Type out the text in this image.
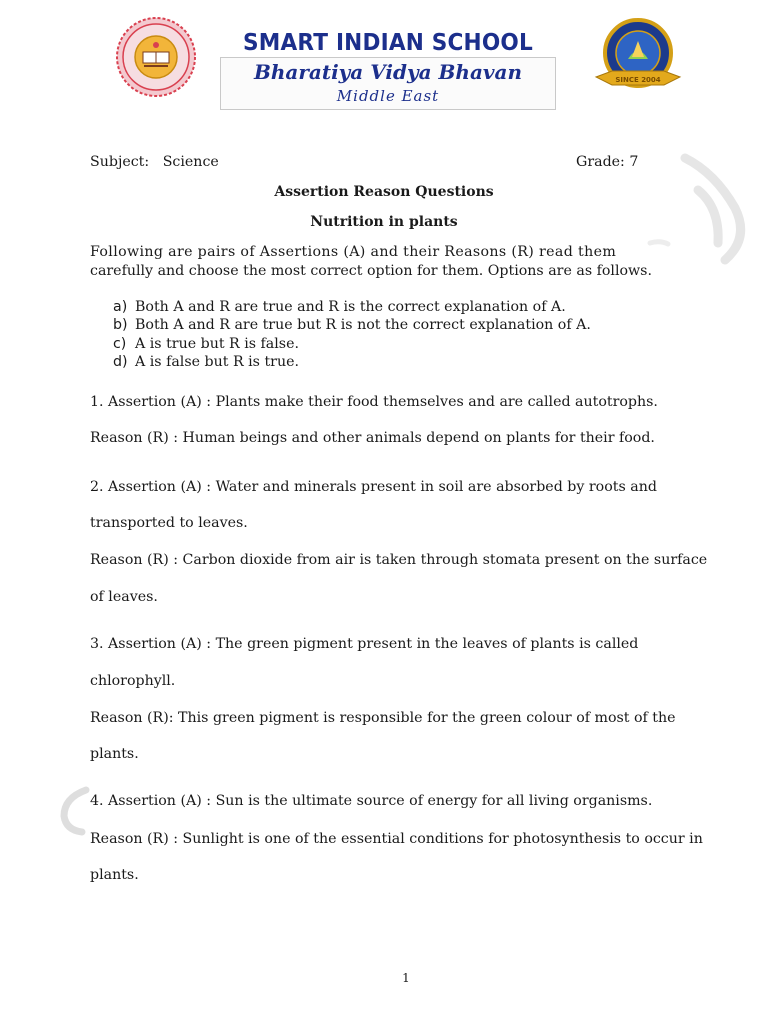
SMART INDIAN SCHOOL
Bharatiya Vidya Bhavan
Middle East
SINCE 2004
Subject: Science	Grade: 7
Assertion Reason Questions
Nutrition in plants
Following are pairs of Assertions (A) and their Reasons (R) read them
carefully and choose the most correct option for them. Options are as follows.
a) Both A and R are true and R is the correct explanation of A.
b) Both A and R are true but R is not the correct explanation of A.
c) A is true but R is false.
d) A is false but R is true.
1. Assertion (A) : Plants make their food themselves and are called autotrophs.
Reason (R) : Human beings and other animals depend on plants for their food.
2. Assertion (A) : Water and minerals present in soil are absorbed by roots and
transported to leaves.
Reason (R) : Carbon dioxide from air is taken through stomata present on the surface
of leaves.
3. Assertion (A) : The green pigment present in the leaves of plants is called
chlorophyll.
Reason (R): This green pigment is responsible for the green colour of most of the
plants.
4. Assertion (A) : Sun is the ultimate source of energy for all living organisms.
Reason (R) : Sunlight is one of the essential conditions for photosynthesis to occur in
plants.
1
